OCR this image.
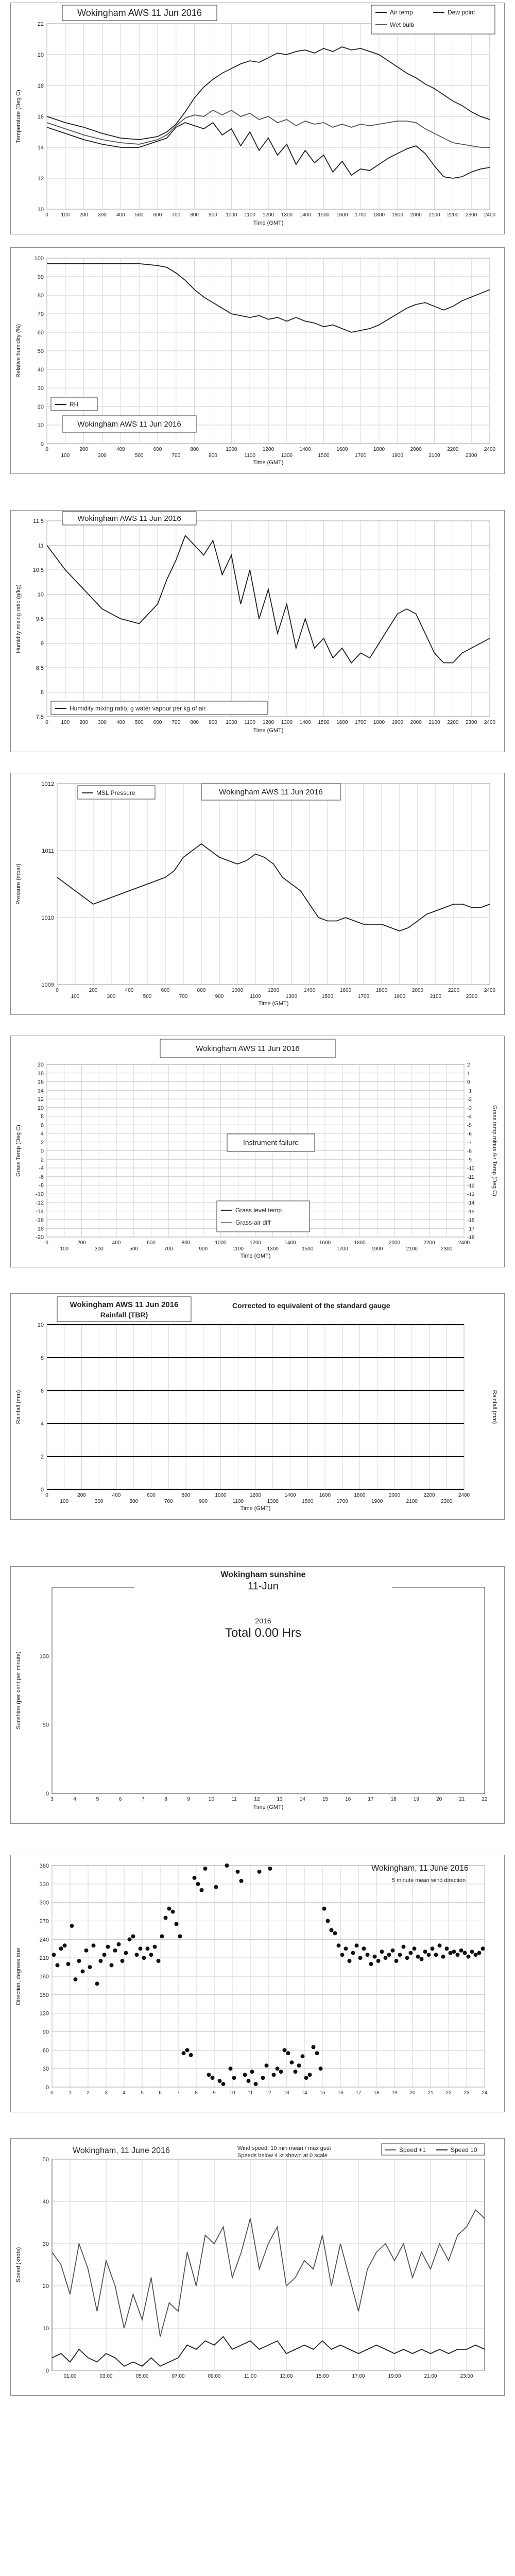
10
12
14
16
18
20
22
0 100 200 300 400 500 600 700 800 900 1000 1100 1200 1300 1400 1500 1600 1700 1800 1900 2000 2100 2200 2300 2400
Time (GMT)
Temperature (Deg C)
Wokingham AWS 11 Jun 2016	Air temp	Dew point
Wet bulb
0
10
20
30
40
50
60
70
80
90
100
0	200	400	600	800	1000	1200	1400	1600	1800	2000	2200	2400
100	300	500	700	900	1100	1300	1500	1700	1900	2100	2300
Time (GMT)
Relative humidity (%)
RH
Wokingham AWS 11 Jun 2016
7.5
8
8.5
9
9.5
10
10.5
11
11.5
0 100 200 300 400 500 600 700 800 900 1000 1100 1200 1300 1400 1500 1600 1700 1800 1900 2000 2100 2200 2300 2400
Time (GMT)
Humidity mixing ratio (g/kg)
Wokingham AWS 11 Jun 2016
Humidity mixing ratio, g water vapour per kg of air
1009
1010
1011
1012
0	200	400	600	800	1000	1200	1400	1600	1800	2000	2200	2400
100	300	500	700	900	1100	1300	1500	1700	1900	2100	2300
Time (GMT)
Pressure (mbar)
MSL Pressure	Wokingham AWS 11 Jun 2016
20
18
16
14
12
10
8
6
4
2
0
-2
-4
-6
-8
-10
-12
-14
-16
-18
-20
0	200	400	600	800	1000	1200	1400	1600	1800	2000	2200	2400
100	300	500	700	900	1100	1300	1500	1700	1900	2100	2300
2
1
0
-1
-2
-3
-4
-5
-6
-7
-8
-9
-10
-11
-12
-13
-14
-15
-16
-17
-18
Time (GMT)
Grass Temp (Deg C)	Grass temp minus Air Temp (Deg C)
Wokingham AWS 11 Jun 2016
Instrument failure
Grass level temp
Grass-air diff
0
2
4
6
8
10
0	200	400	600	800	1000	1200	1400	1600	1800	2000	2200	2400
100	300	500	700	900	1100	1300	1500	1700	1900	2100	2300
Time (GMT)
Rainfall (mm)	Rainfall (mm)
Wokingham AWS 11 Jun 2016
Rainfall (TBR)
Corrected to equivalent of the standard gauge
0
50
100
3	4	5	6	7	8	9	10	11	12	13	14	15	16	17	18	19	20	21	22
Time (GMT)
Sunshine (per cent per minute)
Wokingham sunshine
11-Jun
2016
Total 0.00 Hrs
0
30
60
90
120
150
180
210
240
270
300
330
360
0	1	2	3	4	5	6	7	8	9	10 11 12 13 14 15 16 17 18 19 20 21 22 23 24
Direction, degrees true
Wokingham, 11 June 2016
5 minute mean wind direction
0
10
20
30
40
50
01:00	03:00	05:00	07:00	09:00	11:00	13:00	15:00	17:00	19:00	21:00	23:00
Speed (knots)
Wokingham, 11 June 2016	Wind speed: 10 min mean / max gust
Speeds below 4 kt shown at 0 scale
Speed +1	Speed 10
